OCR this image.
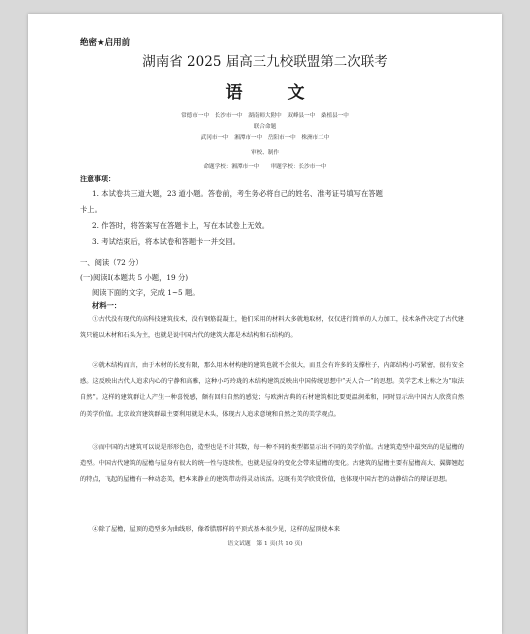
绝密★启用前
湖南省 2025 届高三九校联盟第二次联考
语　文
常德市一中　长沙市一中　湖南师大附中　双峰县一中　桑植县一中
联合命题
武冈市一中　湘潭市一中　岳阳市一中　株洲市二中
审校、制作
命题学校：湘潭市一中　　审题学校：长沙市一中
注意事项：
1. 本试卷共三道大题，23 道小题。答卷前，考生务必将自己的姓名、准考证号填写在答题
卡上。
2. 作答时，将答案写在答题卡上，写在本试卷上无效。
3. 考试结束后，将本试卷和答题卡一并交回。
一、阅读（72 分）
(一)阅读Ⅰ(本题共 5 小题，19 分)
阅读下面的文字，完成 1~5 题。
材料一：
①古代没有现代的高科技建筑技术，没有钢筋混凝土，他们采用的材料大多就地取材，仅仅进行简单的人力加工，技术条件决定了古代建筑只能以木材和石头为主，也就是说中国古代的建筑大都是木结构和石结构的。
②就木结构而言，由于木材的长度有限，那么用木材构建的建筑也就不会很大，而且会有许多的支撑柱子，内部结构小巧紧密，很有安全感。这反映出古代人追求内心的宁静和高雅，这种小巧玲珑的木结构建筑反映出中国传统思想中“天人合一”的思想。美学艺术上称之为“取法自然”。这样的建筑群让人产生一种喜悦感，颇有回归自然的感觉；与欧洲古典的石材建筑相比要更温润柔和，同时显示出中国古人欣赏自然的美学价值。北京故宫建筑群最主要利用就是木头，体现古人追求意境和自然之美的美学观点。
③而中国的古建筑可以说是形形色色，造型也是不计其数，每一种不同的类型都显示出不同的美学价值。古建筑造型中最突出的是屋檐的造型。中国古代建筑的屋檐与屋身有很大的统一性与连续性，也就是屋身的变化会带来屋檐的变化。古建筑的屋檐主要有屋檐高大、翼脚翘起的特点，飞起的屋檐有一种动态美，把本来静止的建筑带动得灵动该活。这既有美学欣赏价值，也体现中国古老的动静结合的辩证思想。
④除了屋檐，屋顶的造型多为曲线形，像希腊那样的平顶式基本很少见，这样的屋顶使本来
语文试题　第 1 页(共 10 页)
